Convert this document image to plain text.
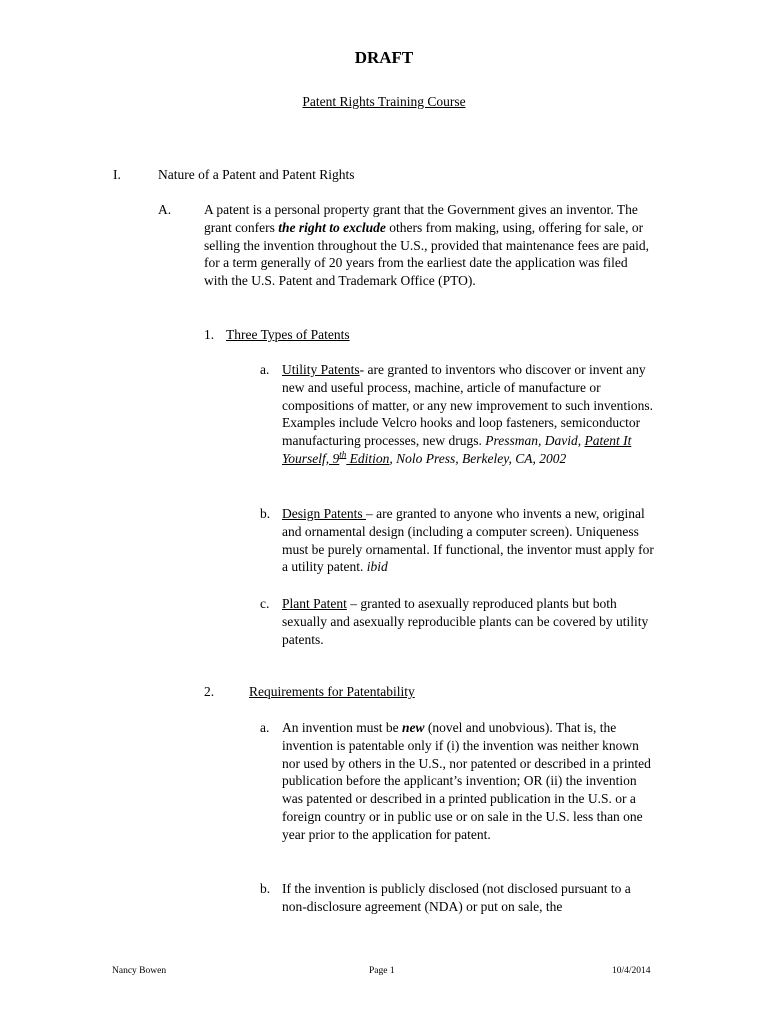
DRAFT

Patent Rights Training Course

I.	Nature of a Patent and Patent Rights
A. A patent is a personal property grant that the Government gives an inventor. The grant confers the right to exclude others from making, using, offering for sale, or selling the invention throughout the U.S., provided that maintenance fees are paid, for a term generally of 20 years from the earliest date the application was filed with the U.S. Patent and Trademark Office (PTO).

1. Three Types of Patents
a. Utility Patents- are granted to inventors who discover or invent any new and useful process, machine, article of manufacture or compositions of matter, or any new improvement to such inventions. Examples include Velcro hooks and loop fasteners, semiconductor manufacturing processes, new drugs. Pressman, David, Patent It Yourself, 9th Edition, Nolo Press, Berkeley, CA, 2002

b. Design Patents – are granted to anyone who invents a new, original and ornamental design (including a computer screen). Uniqueness must be purely ornamental. If functional, the inventor must apply for a utility patent. ibid

c. Plant Patent – granted to asexually reproduced plants but both sexually and asexually reproducible plants can be covered by utility patents.

2.	Requirements for Patentability
a. An invention must be new (novel and unobvious). That is, the invention is patentable only if (i) the invention was neither known nor used by others in the U.S., nor patented or described in a printed publication before the applicant’s invention; OR (ii) the invention was patented or described in a printed publication in the U.S. or a foreign country or in public use or on sale in the U.S. less than one year prior to the application for patent.

b. If the invention is publicly disclosed (not disclosed pursuant to a non-disclosure agreement (NDA) or put on sale, the

Nancy Bowen	Page 1	10/4/2014
